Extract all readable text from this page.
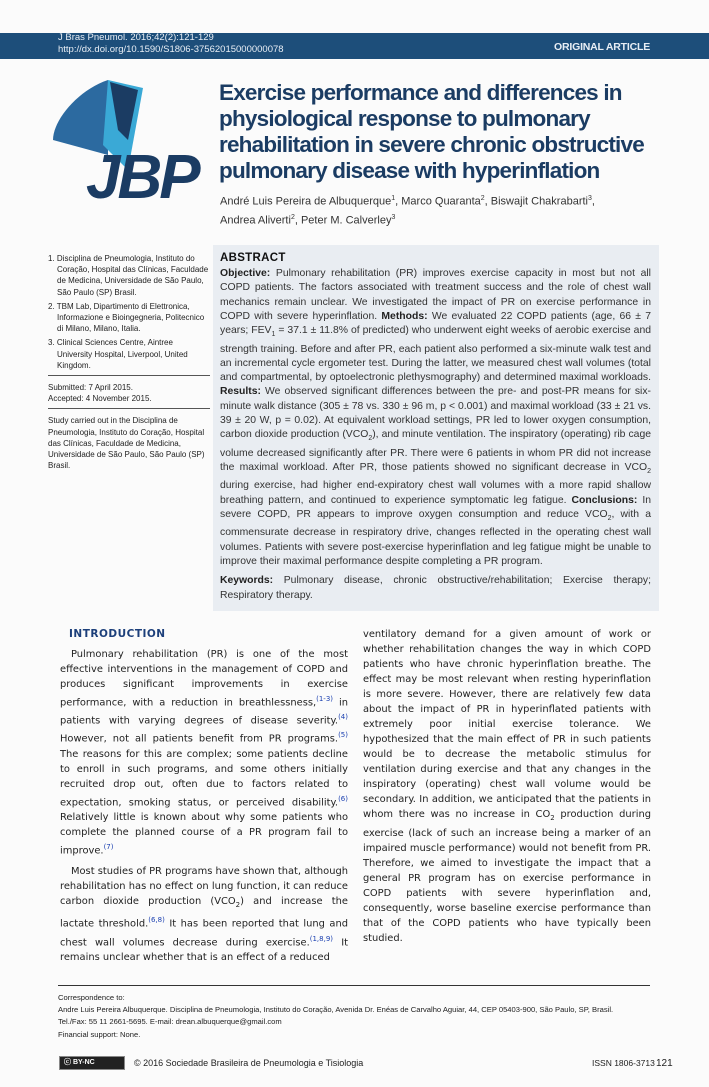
J Bras Pneumol. 2016;42(2):121-129
http://dx.doi.org/10.1590/S1806-37562015000000078	ORIGINAL ARTICLE
JBP
Exercise performance and differences in physiological response to pulmonary rehabilitation in severe chronic obstructive pulmonary disease with hyperinflation
André Luis Pereira de Albuquerque$^1$, Marco Quaranta$^2$, Biswajit Chakrabarti$^3$,
Andrea Aliverti$^2$, Peter M. Calverley$^3$
1. Disciplina de Pneumologia, Instituto do Coração, Hospital das Clínicas, Faculdade de Medicina, Universidade de São Paulo, São Paulo (SP) Brasil.
2. TBM Lab, Dipartimento di Elettronica, Informazione e Bioingegneria, Politecnico di Milano, Milano, Italia.
3. Clinical Sciences Centre, Aintree University Hospital, Liverpool, United Kingdom.
Submitted: 7 April 2015.
Accepted: 4 November 2015.
Study carried out in the Disciplina de Pneumologia, Instituto do Coração, Hospital das Clínicas, Faculdade de Medicina, Universidade de São Paulo, São Paulo (SP) Brasil.
ABSTRACT

Objective: Pulmonary rehabilitation (PR) improves exercise capacity in most but not all COPD patients. The factors associated with treatment success and the role of chest wall mechanics remain unclear. We investigated the impact of PR on exercise performance in COPD with severe hyperinflation. Methods: We evaluated 22 COPD patients (age, 66 ± 7 years; $FEV_1 = 37.1 \pm 11.8\%$ of predicted) who underwent eight weeks of aerobic exercise and strength training. Before and after PR, each patient also performed a six-minute walk test and an incremental cycle ergometer test. During the latter, we measured chest wall volumes (total and compartmental, by optoelectronic plethysmography) and determined maximal workloads. Results: We observed significant differences between the pre- and post-PR means for six-minute walk distance (305 ± 78 vs. 330 ± 96 m, p < 0.001) and maximal workload (33 ± 21 vs. 39 ± 20 W, p = 0.02). At equivalent workload settings, PR led to lower oxygen consumption, carbon dioxide production $(VCO_2)$, and minute ventilation. The inspiratory (operating) rib cage volume decreased significantly after PR. There were 6 patients in whom PR did not increase the maximal workload. After PR, those patients showed no significant decrease in $VCO_2$ during exercise, had higher end-expiratory chest wall volumes with a more rapid shallow breathing pattern, and continued to experience symptomatic leg fatigue. Conclusions: In severe COPD, PR appears to improve oxygen consumption and reduce $VCO_2$, with a commensurate decrease in respiratory drive, changes reflected in the operating chest wall volumes. Patients with severe post-exercise hyperinflation and leg fatigue might be unable to improve their maximal performance despite completing a PR program.

Keywords: Pulmonary disease, chronic obstructive/rehabilitation; Exercise therapy; Respiratory therapy.

INTRODUCTION

Pulmonary rehabilitation (PR) is one of the most effective interventions in the management of COPD and produces significant improvements in exercise performance, with a reduction in breathlessness,$^{(1-3)}$ in patients with varying degrees of disease severity.$^{(4)}$ However, not all patients benefit from PR programs.$^{(5)}$ The reasons for this are complex; some patients decline to enroll in such programs, and some others initially recruited drop out, often due to factors related to expectation, smoking status, or perceived disability.$^{(6)}$ Relatively little is known about why some patients who complete the planned course of a PR program fail to improve.$^{(7)}$

Most studies of PR programs have shown that, although rehabilitation has no effect on lung function, it can reduce carbon dioxide production $(VCO_2)$ and increase the lactate threshold.$^{(6,8)}$ It has been reported that lung and chest wall volumes decrease during exercise.$^{(1,8,9)}$ It remains unclear whether that is an effect of a reduced

ventilatory demand for a given amount of work or whether rehabilitation changes the way in which COPD patients who have chronic hyperinflation breathe. The effect may be most relevant when resting hyperinflation is more severe. However, there are relatively few data about the impact of PR in hyperinflated patients with extremely poor initial exercise tolerance. We hypothesized that the main effect of PR in such patients would be to decrease the metabolic stimulus for ventilation during exercise and that any changes in the inspiratory (operating) chest wall volume would be secondary. In addition, we anticipated that the patients in whom there was no increase in $CO_2$ production during exercise (lack of such an increase being a marker of an impaired muscle performance) would not benefit from PR. Therefore, we aimed to investigate the impact that a general PR program has on exercise performance in COPD patients with severe hyperinflation and, consequently, worse baseline exercise performance than that of the COPD patients who have typically been studied.

Correspondence to:
Andre Luis Pereira Albuquerque. Disciplina de Pneumologia, Instituto do Coração, Avenida Dr. Enéas de Carvalho Aguiar, 44, CEP 05403-900, São Paulo, SP, Brasil.
Tel./Fax: 55 11 2661-5695. E-mail: drean.albuquerque@gmail.com
Financial support: None.
ⓒ BY-NC	© 2016 Sociedade Brasileira de Pneumologia e Tisiologia	ISSN 1806-3713 121
